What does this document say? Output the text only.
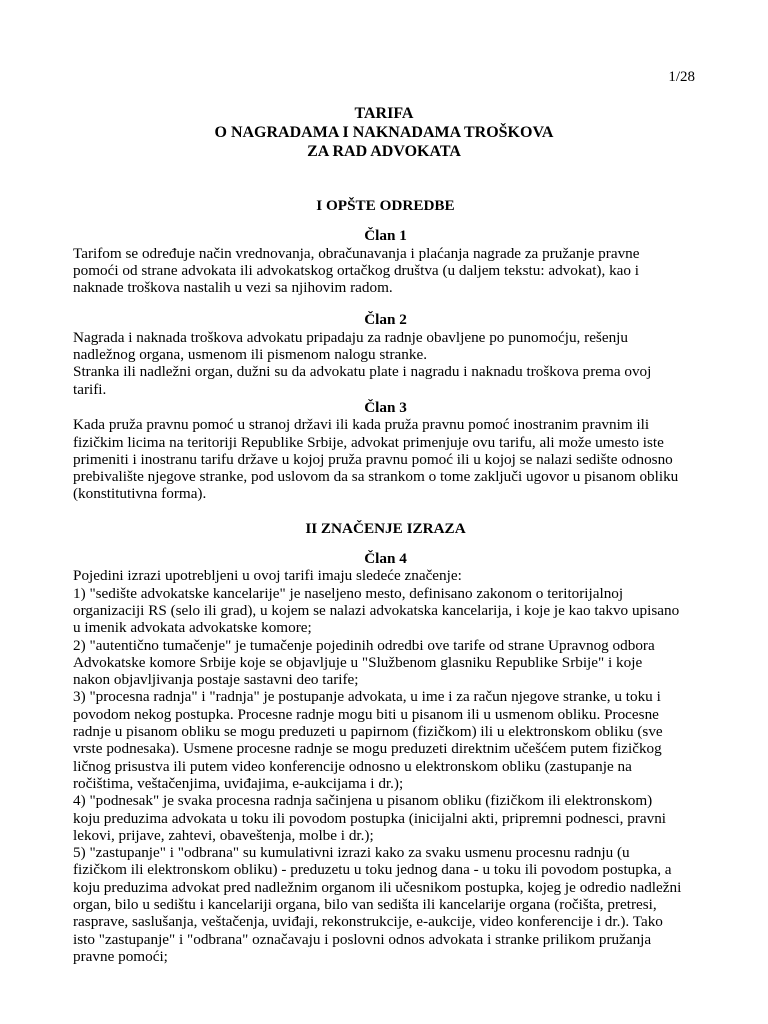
1/28

TARIFA
O NAGRADAMA I NAKNADAMA TROŠKOVA
ZA RAD ADVOKATA
I OPŠTE ODREDBE
Član 1

Tarifom se određuje način vrednovanja, obračunavanja i plaćanja nagrade za pružanje pravne

pomoći od strane advokata ili advokatskog ortačkog društva (u daljem tekstu: advokat), kao i

naknade troškova nastalih u vezi sa njihovim radom.

Član 2

Nagrada i naknada troškova advokatu pripadaju za radnje obavljene po punomoćju, rešenju

nadležnog organa, usmenom ili pismenom nalogu stranke.

Stranka ili nadležni organ, dužni su da advokatu plate i nagradu i naknadu troškova prema ovoj

tarifi.

Član 3

Kada pruža pravnu pomoć u stranoj državi ili kada pruža pravnu pomoć inostranim pravnim ili

fizičkim licima na teritoriji Republike Srbije, advokat primenjuje ovu tarifu, ali može umesto iste

primeniti i inostranu tarifu države u kojoj pruža pravnu pomoć ili u kojoj se nalazi sedište odnosno

prebivalište njegove stranke, pod uslovom da sa strankom o tome zaključi ugovor u pisanom obliku

(konstitutivna forma).

II ZNAČENJE IZRAZA
Član 4

Pojedini izrazi upotrebljeni u ovoj tarifi imaju sledeće značenje:

1) "sedište advokatske kancelarije" je naseljeno mesto, definisano zakonom o teritorijalnoj

organizaciji RS (selo ili grad), u kojem se nalazi advokatska kancelarija, i koje je kao takvo upisano

u imenik advokata advokatske komore;

2) "autentično tumačenje" je tumačenje pojedinih odredbi ove tarife od strane Upravnog odbora

Advokatske komore Srbije koje se objavljuje u "Službenom glasniku Republike Srbije" i koje

nakon objavljivanja postaje sastavni deo tarife;

3) "procesna radnja" i "radnja" je postupanje advokata, u ime i za račun njegove stranke, u toku i

povodom nekog postupka. Procesne radnje mogu biti u pisanom ili u usmenom obliku. Procesne

radnje u pisanom obliku se mogu preduzeti u papirnom (fizičkom) ili u elektronskom obliku (sve

vrste podnesaka). Usmene procesne radnje se mogu preduzeti direktnim učešćem putem fizičkog

ličnog prisustva ili putem video konferencije odnosno u elektronskom obliku (zastupanje na

ročištima, veštačenjima, uviđajima, e-aukcijama i dr.);

4) "podnesak" je svaka procesna radnja sačinjena u pisanom obliku (fizičkom ili elektronskom)

koju preduzima advokata u toku ili povodom postupka (inicijalni akti, pripremni podnesci, pravni

lekovi, prijave, zahtevi, obaveštenja, molbe i dr.);

5) "zastupanje" i "odbrana" su kumulativni izrazi kako za svaku usmenu procesnu radnju (u

fizičkom ili elektronskom obliku) - preduzetu u toku jednog dana - u toku ili povodom postupka, a

koju preduzima advokat pred nadležnim organom ili učesnikom postupka, kojeg je odredio nadležni

organ, bilo u sedištu i kancelariji organa, bilo van sedišta ili kancelarije organa (ročišta, pretresi,

rasprave, saslušanja, veštačenja, uviđaji, rekonstrukcije, e-aukcije, video konferencije i dr.). Tako

isto "zastupanje" i "odbrana" označavaju i poslovni odnos advokata i stranke prilikom pružanja

pravne pomoći;
